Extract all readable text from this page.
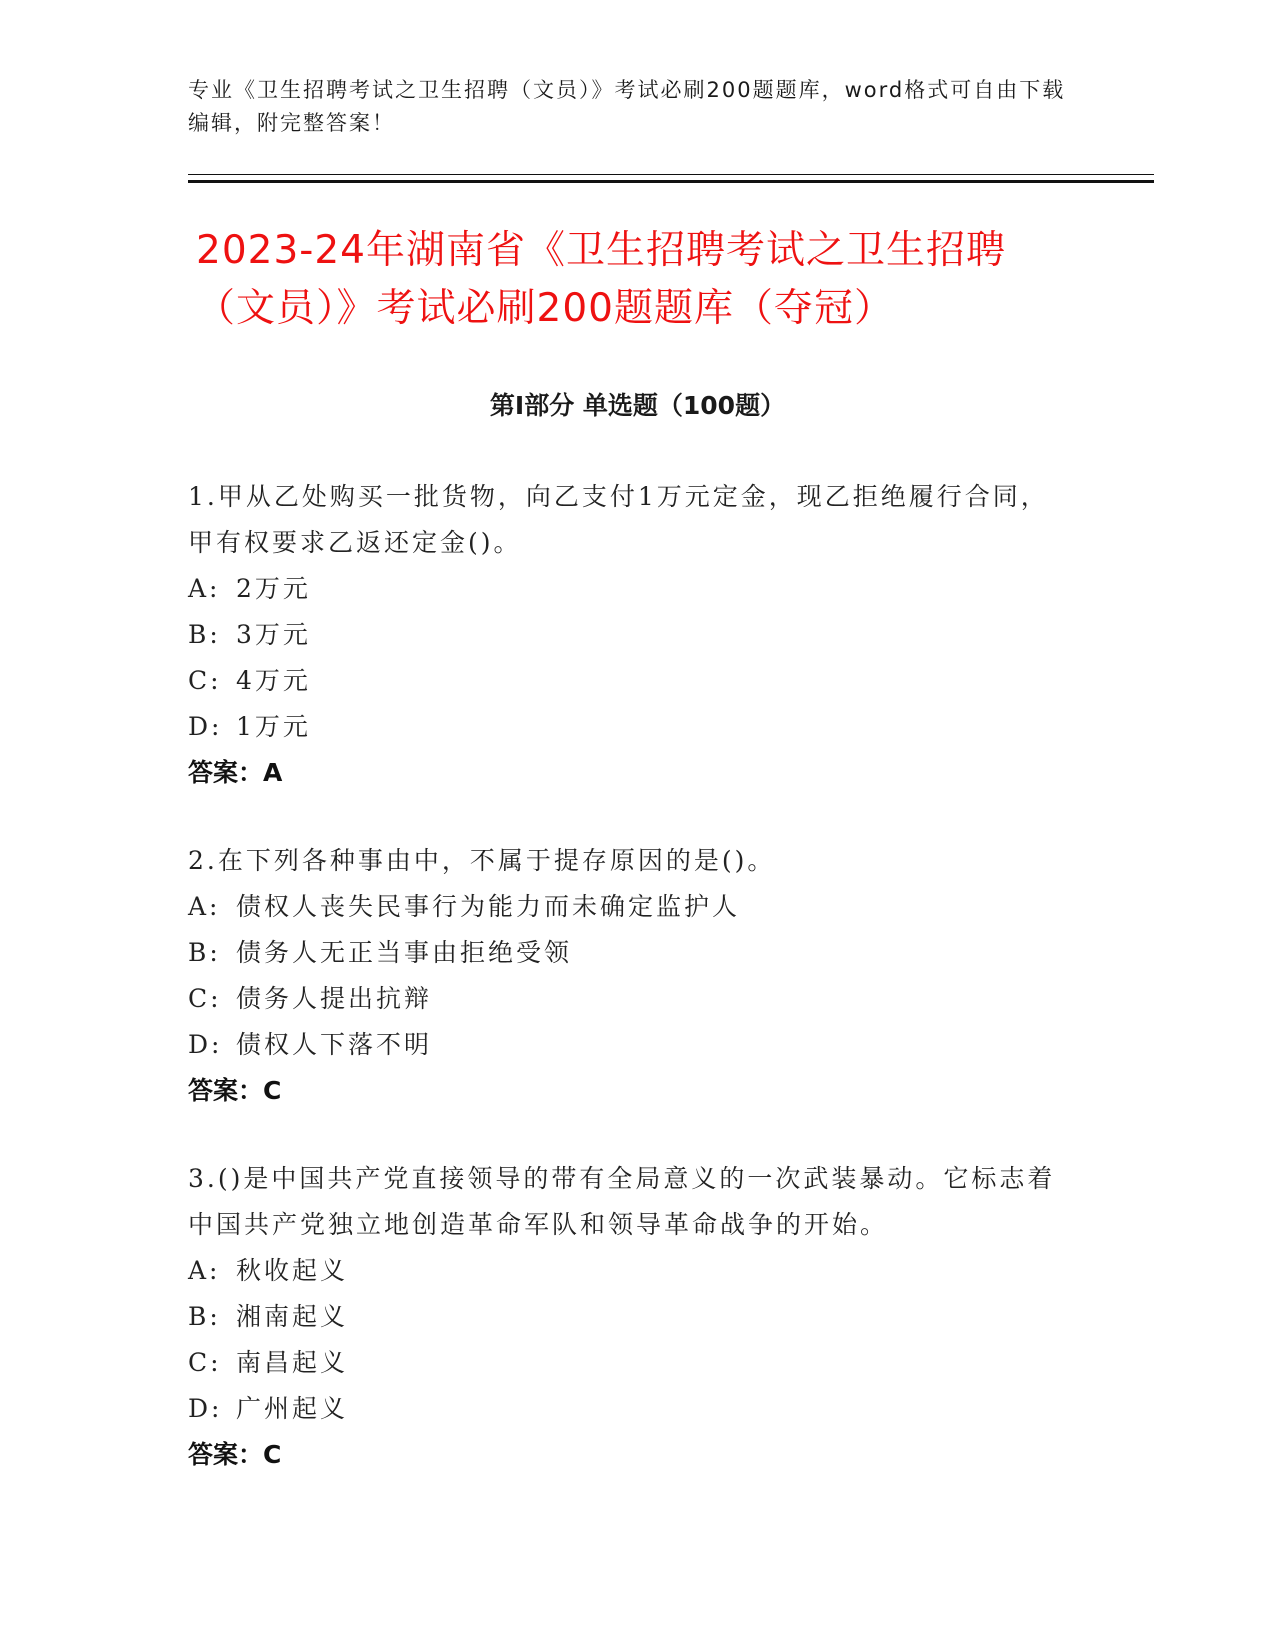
专业《卫生招聘考试之卫生招聘（文员）》考试必刷200题题库，word格式可自由下载编辑，附完整答案！
2023-24年湖南省《卫生招聘考试之卫生招聘（文员）》考试必刷200题题库（夺冠）
第I部分 单选题（100题）
1.甲从乙处购买一批货物，向乙支付1万元定金，现乙拒绝履行合同，甲有权要求乙返还定金()。
A: 2万元
B: 3万元
C: 4万元
D: 1万元
答案：A
2.在下列各种事由中，不属于提存原因的是()。
A: 债权人丧失民事行为能力而未确定监护人
B: 债务人无正当事由拒绝受领
C: 债务人提出抗辩
D: 债权人下落不明
答案：C
3.()是中国共产党直接领导的带有全局意义的一次武装暴动。它标志着中国共产党独立地创造革命军队和领导革命战争的开始。
A: 秋收起义
B: 湘南起义
C: 南昌起义
D: 广州起义
答案：C
